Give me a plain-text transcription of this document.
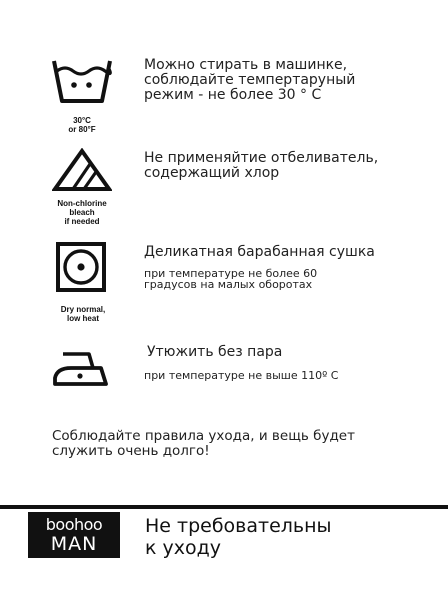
30°C
or 80°F
Можно стирать в машинке,
соблюдайте темпертаруный
режим - не более 30 ° С
Non-chlorine
bleach
if needed
Не применяйтие отбеливатель,
содержащий хлор
Dry normal,
low heat
Деликатная барабанная сушка
при температуре не более 60
градусов на малых оборотах
Утюжить без пара
при температуре не выше 110º С
Соблюдайте правила ухода, и вещь будет
служить очень долго!
boohoo
MAN
Не требовательны
к уходу
